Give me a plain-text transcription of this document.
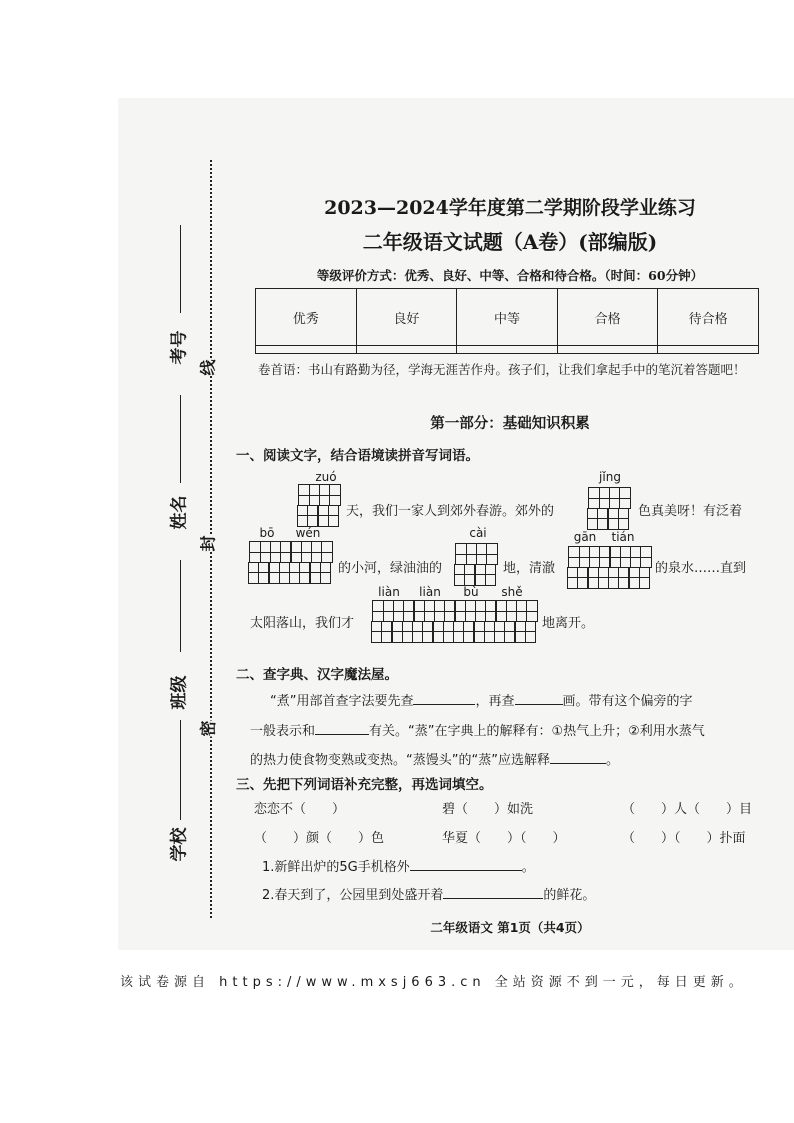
考号
姓名
班级
学校
线
封
密
2023—2024学年度第二学期阶段学业练习
二年级语文试题（A卷）(部编版)
等级评价方式：优秀、良好、中等、合格和待合格。（时间：60分钟）
优秀	良好	中等	合格	待合格

卷首语：书山有路勤为径，学海无涯苦作舟。孩子们，让我们拿起手中的笔沉着答题吧！
第一部分：基础知识积累
一、阅读文字，结合语境读拼音写词语。
zuó
天，我们一家人到郊外春游。郊外的
jǐng
色真美呀！有泛着
bō	wén
的小河，绿油油的
cài
地，清澈
gān	tián
的泉水……直到
太阳落山，我们才
liàn	liàn	bù	shě
地离开。
二、查字典、汉字魔法屋。
“煮”用部首查字法要先查	，再查	画。带有这个偏旁的字
一般表示和	有关。“蒸”在字典上的解释有：①热气上升；②利用水蒸气
的热力使食物变熟或变热。“蒸馒头”的“蒸”应选解释	。
三、先把下列词语补充完整，再选词填空。
恋恋不（　　）	碧（　　）如洗	（　　）人（　　）目
（　　）颜（　　）色	华夏（　　）（　　）	（　　）（　　）扑面
1.新鲜出炉的5G手机格外	。
2.春天到了，公园里到处盛开着	的鲜花。
二年级语文 第1页（共4页）
该试卷源自 https://www.mxsj663.cn 全站资源不到一元，每日更新。
